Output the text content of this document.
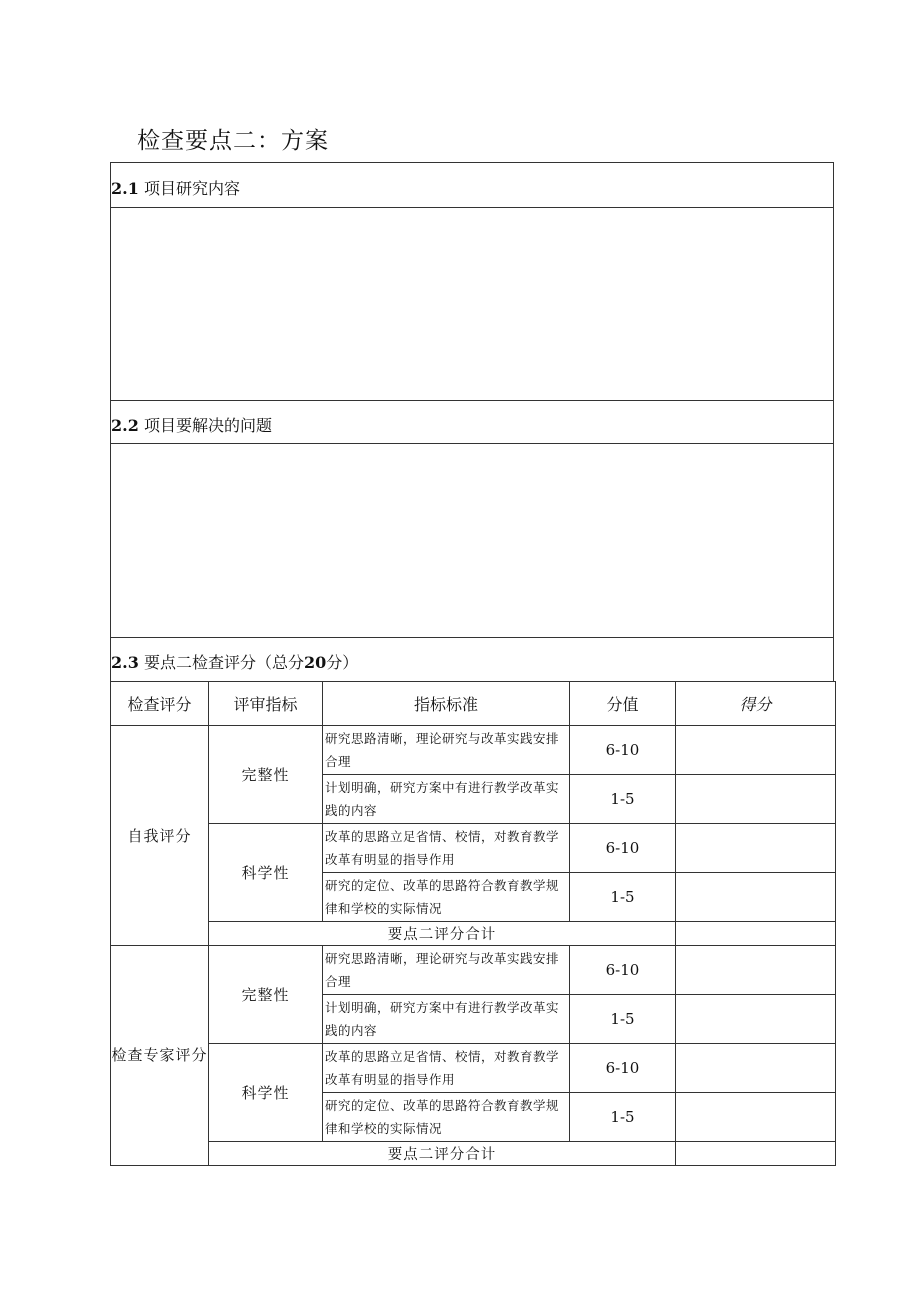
检查要点二：方案
2.1 项目研究内容
2.2 项目要解决的问题
2.3 要点二检查评分（总分20分）
检查评分	评审指标	指标标准	分值	得分
自我评分	完整性	研究思路清晰，理论研究与改革实践安排合理	6-10	
		计划明确，研究方案中有进行教学改革实践的内容	1-5	
	科学性	改革的思路立足省情、校情，对教育教学改革有明显的指导作用	6-10	
		研究的定位、改革的思路符合教育教学规律和学校的实际情况	1-5	
	要点二评分合计			
检查专家评分	完整性	研究思路清晰，理论研究与改革实践安排合理	6-10	
		计划明确，研究方案中有进行教学改革实践的内容	1-5	
	科学性	改革的思路立足省情、校情，对教育教学改革有明显的指导作用	6-10	
		研究的定位、改革的思路符合教育教学规律和学校的实际情况	1-5	
	要点二评分合计			
